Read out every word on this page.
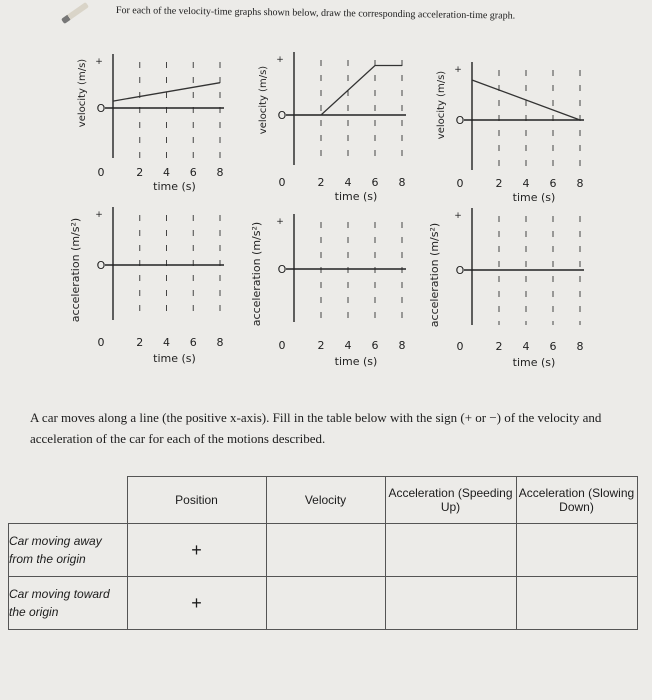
For each of the velocity-time graphs shown below, draw the corresponding acceleration-time graph.
+
+
O
O
0
0
2
2
4
4
6
6
8
8
time (s)
time (s)
velocity (m/s)
acceleration (m/s²)
+
+
O
O
0
0
2
2
4
4
6
6
8
8
time (s)
time (s)
velocity (m/s)
acceleration (m/s²)
+
+
O
O
0
0
2
2
4
4
6
6
8
8
time (s)
time (s)
velocity (m/s)
acceleration (m/s²)
A car moves along a line (the positive x-axis). Fill in the table below with the sign (+ or −) of the velocity and acceleration of the car for each of the motions described.
	Position	Velocity	Acceleration (Speeding Up)	Acceleration (Slowing Down)
Car moving away from the origin	+			
Car moving toward the origin	+			
